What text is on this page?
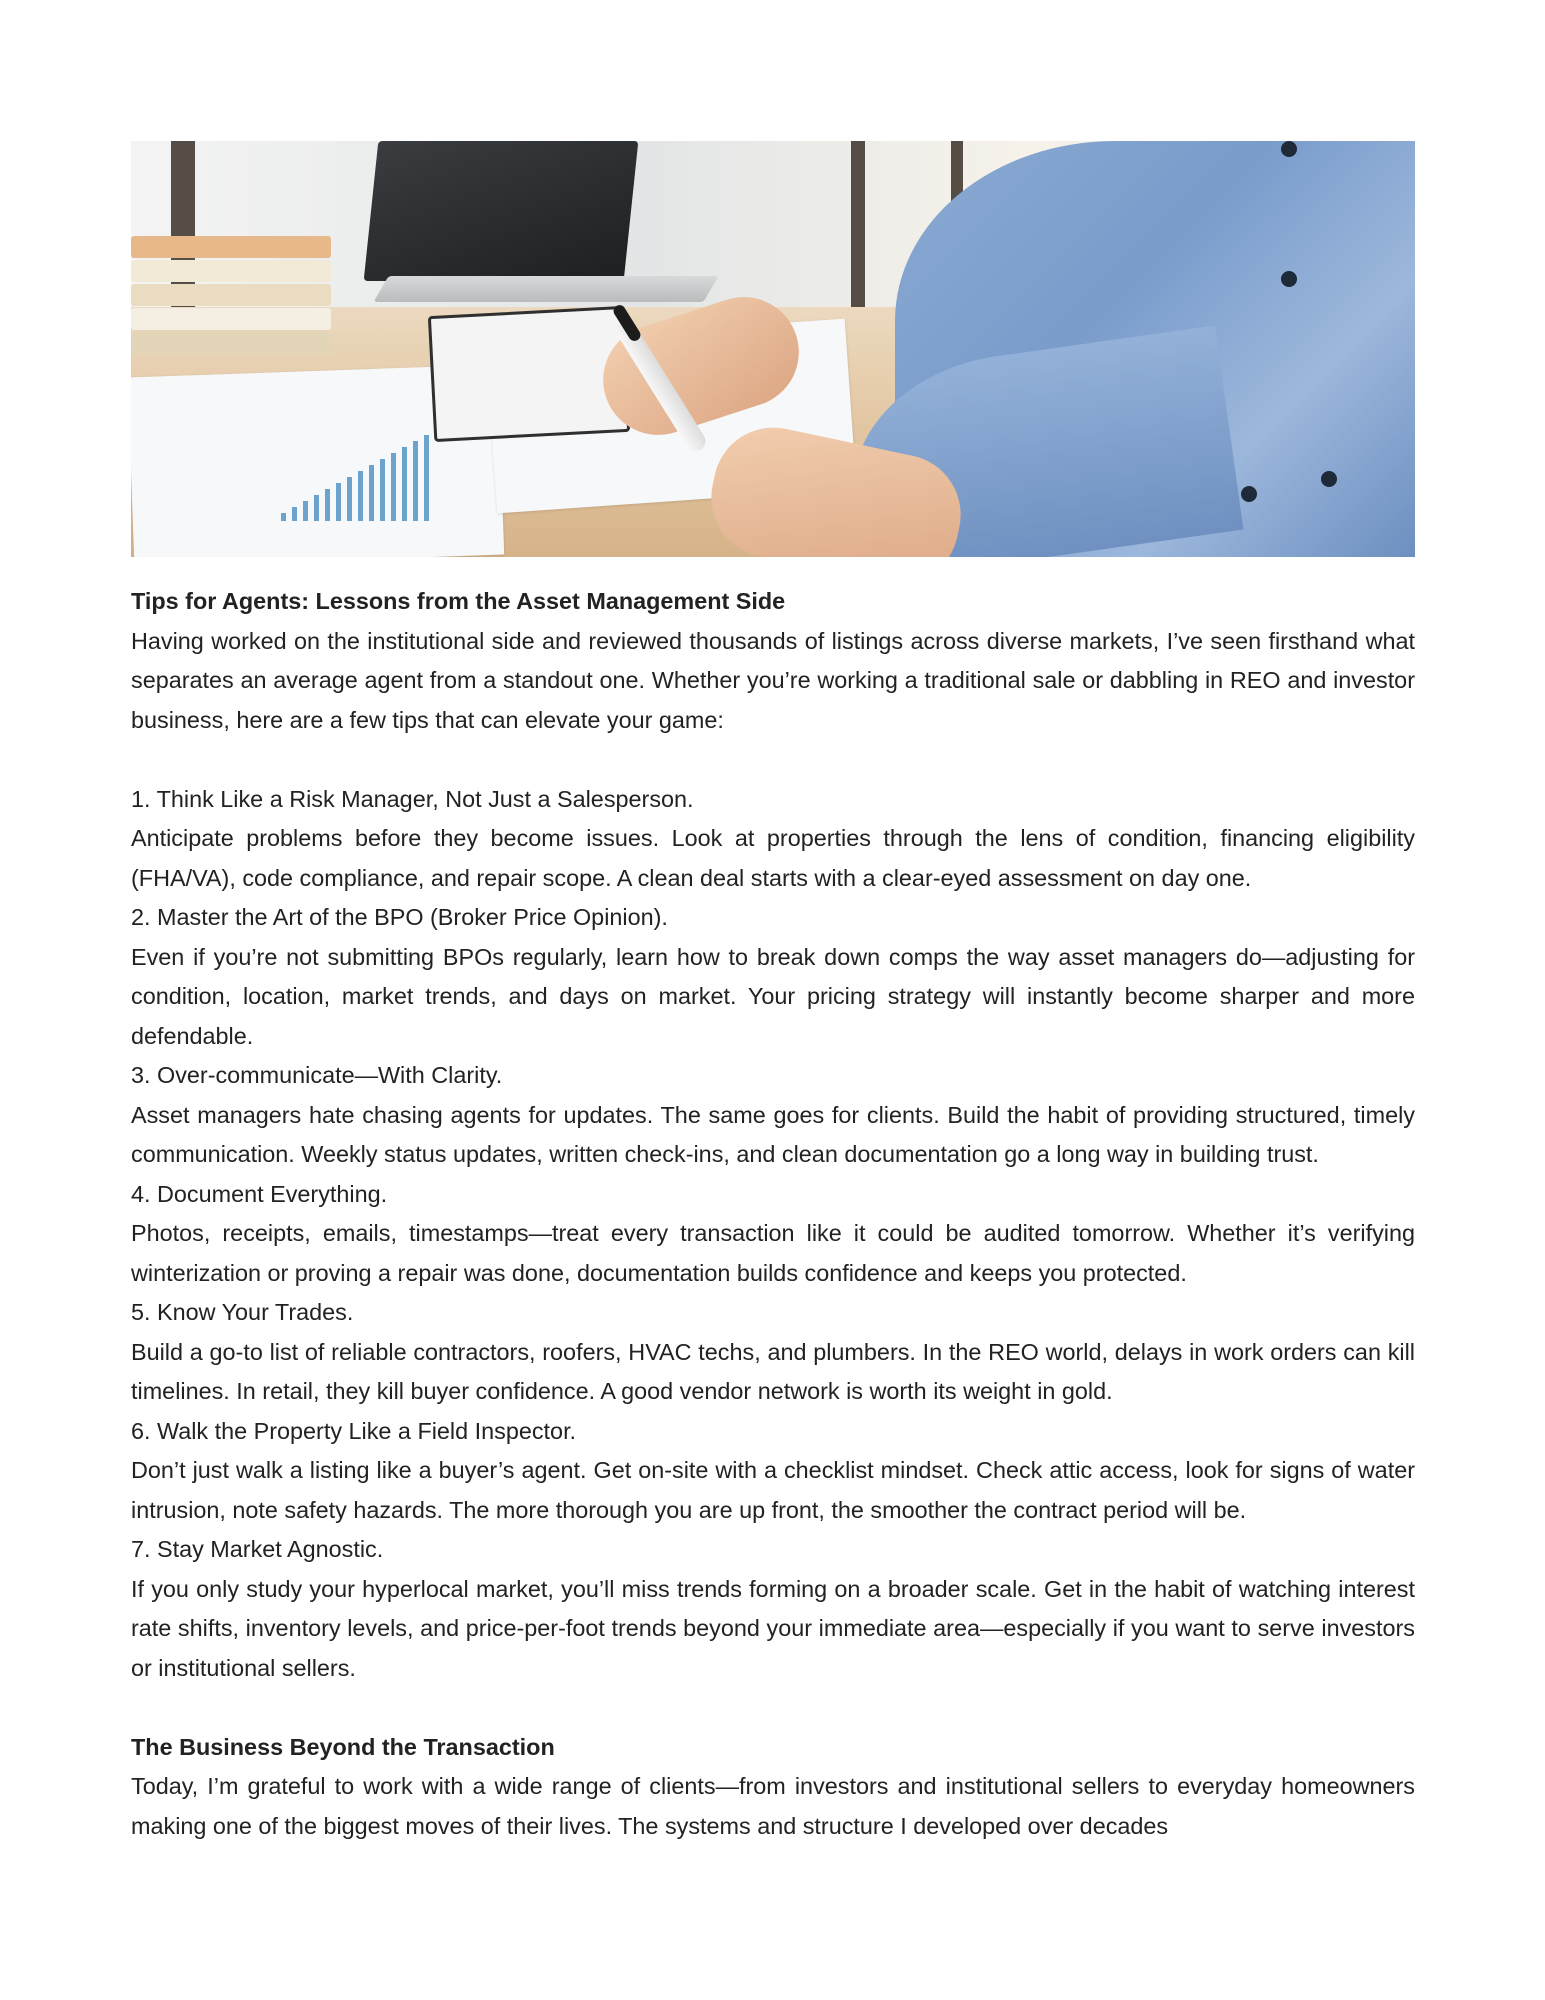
Tips for Agents: Lessons from the Asset Management Side

Having worked on the institutional side and reviewed thousands of listings across diverse markets, I’ve seen firsthand what separates an average agent from a standout one. Whether you’re working a traditional sale or dabbling in REO and investor business, here are a few tips that can elevate your game:

1. Think Like a Risk Manager, Not Just a Salesperson.

Anticipate problems before they become issues. Look at properties through the lens of condition, financing eligibility (FHA/VA), code compliance, and repair scope. A clean deal starts with a clear-eyed assessment on day one.

2. Master the Art of the BPO (Broker Price Opinion).

Even if you’re not submitting BPOs regularly, learn how to break down comps the way asset managers do—adjusting for condition, location, market trends, and days on market. Your pricing strategy will instantly become sharper and more defendable.

3. Over-communicate—With Clarity.

Asset managers hate chasing agents for updates. The same goes for clients. Build the habit of providing structured, timely communication. Weekly status updates, written check-ins, and clean documentation go a long way in building trust.

4. Document Everything.

Photos, receipts, emails, timestamps—treat every transaction like it could be audited tomorrow. Whether it’s verifying winterization or proving a repair was done, documentation builds confidence and keeps you protected.

5. Know Your Trades.

Build a go-to list of reliable contractors, roofers, HVAC techs, and plumbers. In the REO world, delays in work orders can kill timelines. In retail, they kill buyer confidence. A good vendor network is worth its weight in gold.

6. Walk the Property Like a Field Inspector.

Don’t just walk a listing like a buyer’s agent. Get on-site with a checklist mindset. Check attic access, look for signs of water intrusion, note safety hazards. The more thorough you are up front, the smoother the contract period will be.

7. Stay Market Agnostic.

If you only study your hyperlocal market, you’ll miss trends forming on a broader scale. Get in the habit of watching interest rate shifts, inventory levels, and price-per-foot trends beyond your immediate area—especially if you want to serve investors or institutional sellers.

The Business Beyond the Transaction

Today, I’m grateful to work with a wide range of clients—from investors and institutional sellers to everyday homeowners making one of the biggest moves of their lives. The systems and structure I developed over decades
